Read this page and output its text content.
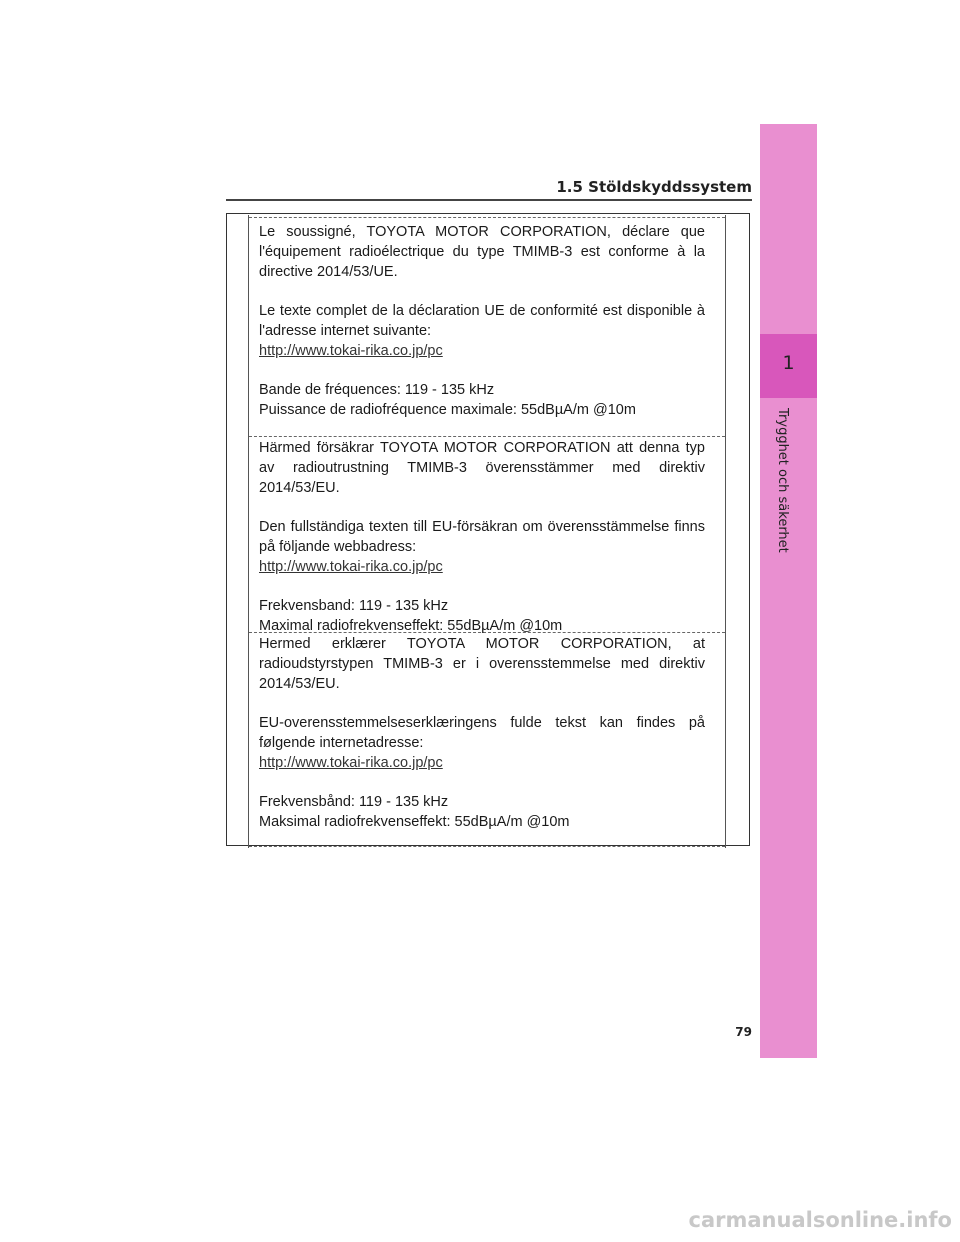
1
Trygghet och säkerhet
1.5 Stöldskyddssystem

Le soussigné, TOYOTA MOTOR CORPORATION, déclare que l'équipement radioélectrique du type TMIMB-3 est conforme à la directive 2014/53/UE.

Le texte complet de la déclaration UE de conformité est disponible à l'adresse internet suivante:
http://www.tokai-rika.co.jp/pc

Bande de fréquences: 119 - 135 kHz
Puissance de radiofréquence maximale: 55dBµA/m @10m

Härmed försäkrar TOYOTA MOTOR CORPORATION att denna typ av radioutrustning TMIMB-3 överensstämmer med direktiv 2014/53/EU.

Den fullständiga texten till EU-försäkran om överensstämmelse finns på följande webbadress:
http://www.tokai-rika.co.jp/pc

Frekvensband: 119 - 135 kHz
Maximal radiofrekvenseffekt: 55dBµA/m @10m

Hermed erklærer TOYOTA MOTOR CORPORATION, at radioudstyrstypen TMIMB-3 er i overensstemmelse med direktiv 2014/53/EU.

EU-overensstemmelseserklæringens fulde tekst kan findes på følgende internetadresse:
http://www.tokai-rika.co.jp/pc

Frekvensbånd: 119 - 135 kHz
Maksimal radiofrekvenseffekt: 55dBµA/m @10m

79
carmanualsonline.info
